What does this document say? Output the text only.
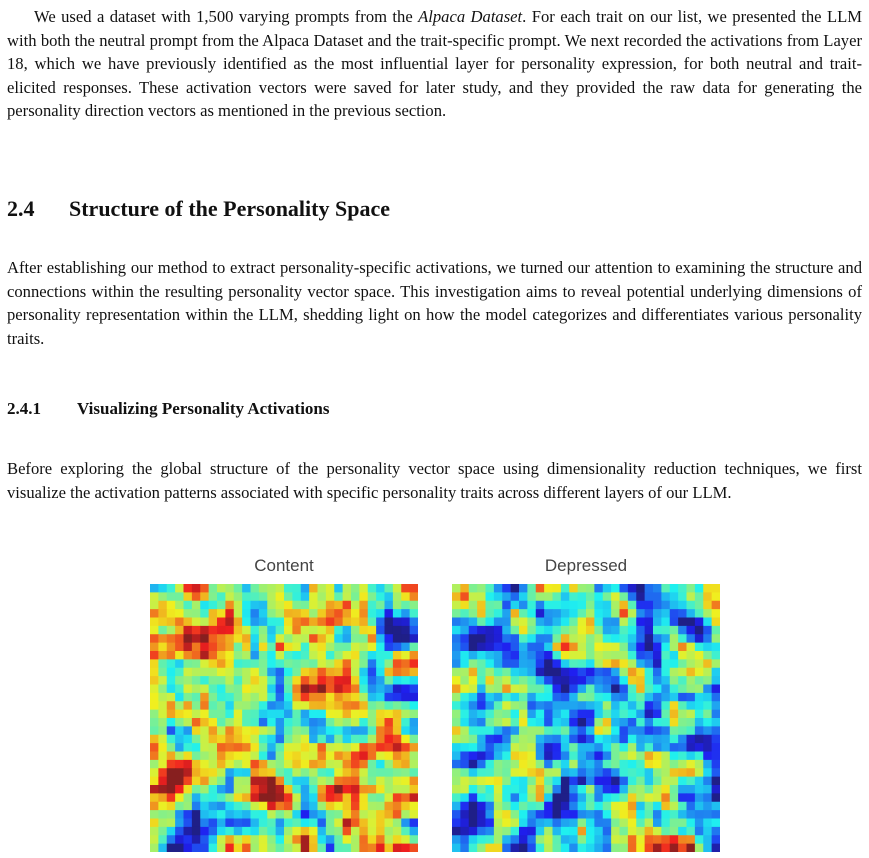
We used a dataset with 1,500 varying prompts from the Alpaca Dataset. For each trait on our list, we presented the LLM with both the neutral prompt from the Alpaca Dataset and the trait-specific prompt. We next recorded the activations from Layer 18, which we have previously identified as the most influential layer for personality expression, for both neutral and trait-elicited responses. These activation vectors were saved for later study, and they provided the raw data for generating the personality direction vectors as mentioned in the previous section.

2.4 Structure of the Personality Space

After establishing our method to extract personality-specific activations, we turned our attention to examining the structure and connections within the resulting personality vector space. This investigation aims to reveal potential underlying dimensions of personality representation within the LLM, shedding light on how the model categorizes and differentiates various personality traits.

2.4.1 Visualizing Personality Activations

Before exploring the global structure of the personality vector space using dimensionality reduction techniques, we first visualize the activation patterns associated with specific personality traits across different layers of our LLM.

Content	Depressed
